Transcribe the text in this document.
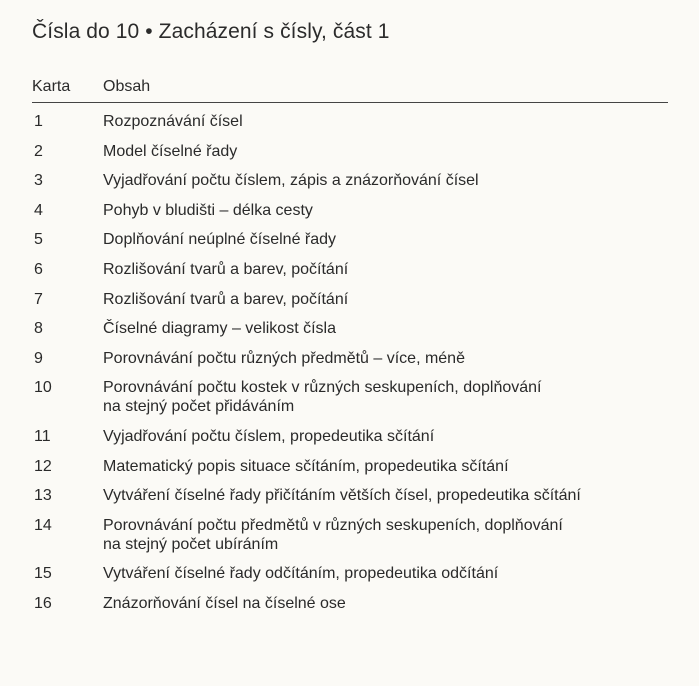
Čísla do 10 • Zacházení s čísly, část 1
Karta Obsah
1	Rozpoznávání čísel
2	Model číselné řady
3	Vyjadřování počtu číslem, zápis a znázorňování čísel
4	Pohyb v bludišti – délka cesty
5	Doplňování neúplné číselné řady
6	Rozlišování tvarů a barev, počítání
7	Rozlišování tvarů a barev, počítání
8	Číselné diagramy – velikost čísla
9	Porovnávání počtu různých předmětů – více, méně
10	Porovnávání počtu kostek v různých seskupeních, doplňování
na stejný počet přidáváním
11	Vyjadřování počtu číslem, propedeutika sčítání
12	Matematický popis situace sčítáním, propedeutika sčítání
13	Vytváření číselné řady přičítáním větších čísel, propedeutika sčítání
14	Porovnávání počtu předmětů v různých seskupeních, doplňování
na stejný počet ubíráním
15	Vytváření číselné řady odčítáním, propedeutika odčítání
16	Znázorňování čísel na číselné ose
